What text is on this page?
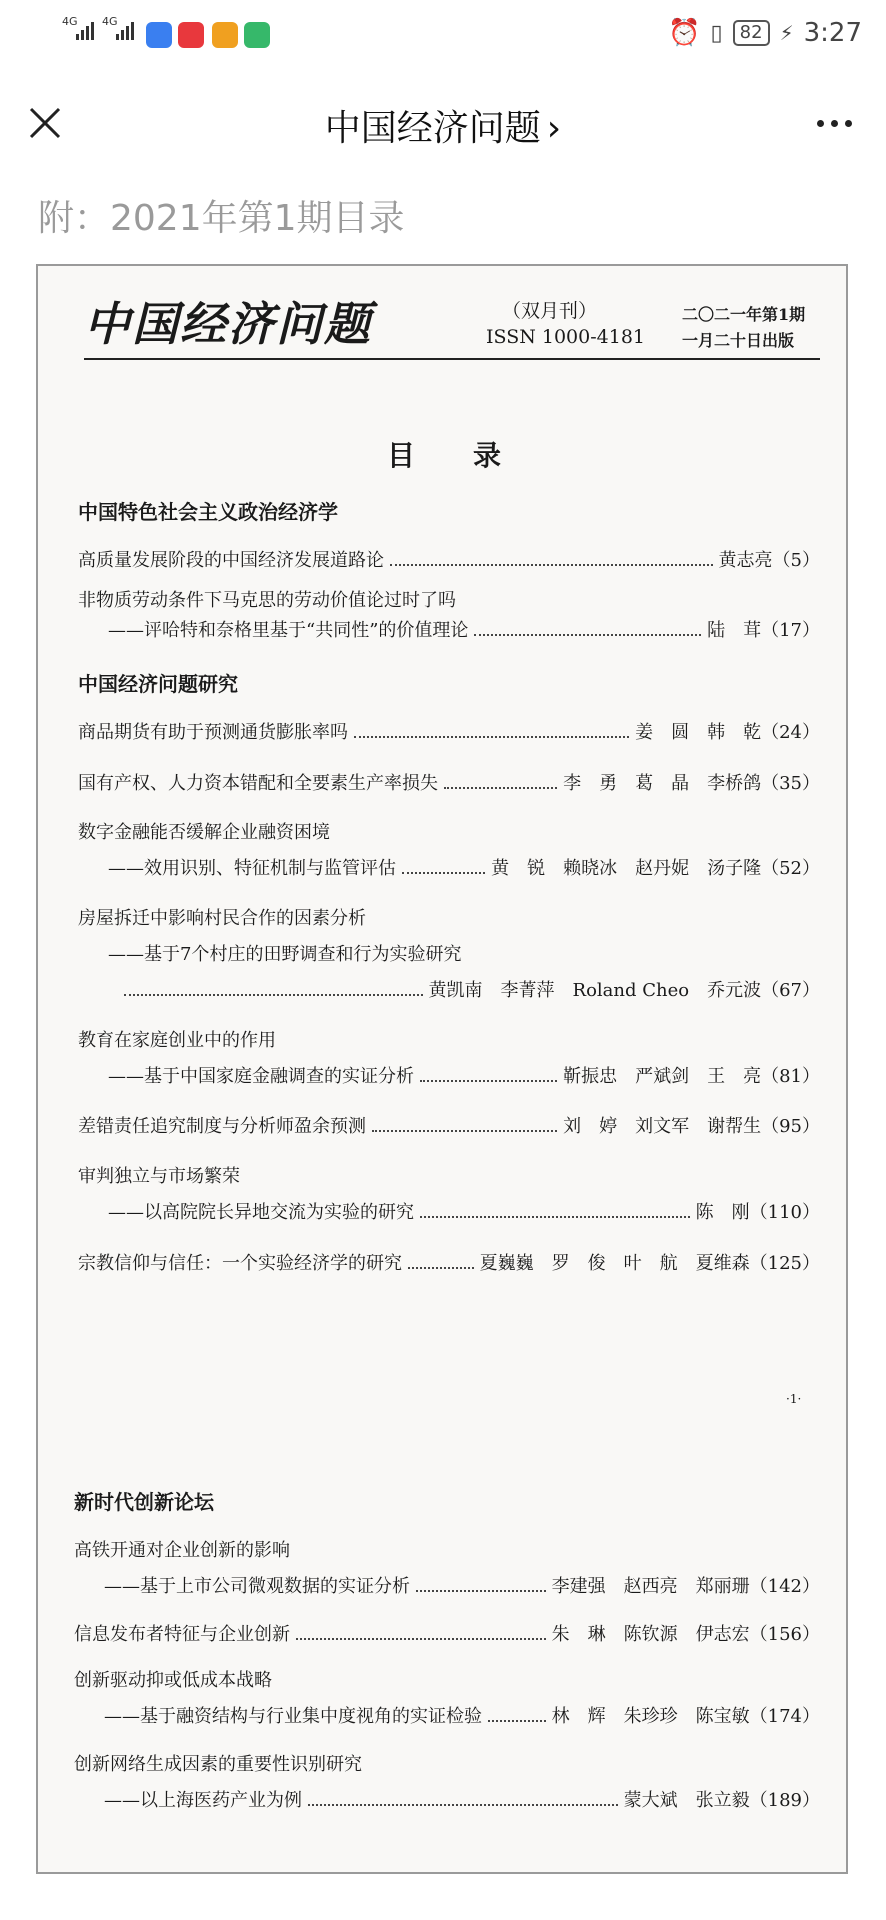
4G 4G	⏰ ▯ 82 ⚡ 3:27
中国经济问题 ›
附：2021年第1期目录
中国经济问题	（双月刊）
ISSN 1000-4181
二〇二一年第1期
一月二十日出版
目录
中国特色社会主义政治经济学
高质量发展阶段的中国经济发展道路论	黄志亮 （5）
非物质劳动条件下马克思的劳动价值论过时了吗
——评哈特和奈格里基于“共同性”的价值理论	陆　茸 （17）
中国经济问题研究
商品期货有助于预测通货膨胀率吗	姜　圆　韩　乾 （24）
国有产权、人力资本错配和全要素生产率损失	李　勇　葛　晶　李桥鸽 （35）
数字金融能否缓解企业融资困境
——效用识别、特征机制与监管评估	黄　锐　赖晓冰　赵丹妮　汤子隆 （52）
房屋拆迁中影响村民合作的因素分析
——基于7个村庄的田野调查和行为实验研究
黄凯南　李菁萍　Roland Cheo　乔元波 （67）
教育在家庭创业中的作用
——基于中国家庭金融调查的实证分析	靳振忠　严斌剑　王　亮 （81）
差错责任追究制度与分析师盈余预测	刘　婷　刘文军　谢帮生 （95）
审判独立与市场繁荣
——以高院院长异地交流为实验的研究	陈　刚 （110）
宗教信仰与信任：一个实验经济学的研究	夏巍巍　罗　俊　叶　航　夏维森 （125）
·1·
新时代创新论坛
高铁开通对企业创新的影响
——基于上市公司微观数据的实证分析	李建强　赵西亮　郑丽珊 （142）
信息发布者特征与企业创新	朱　琳　陈钦源　伊志宏 （156）
创新驱动抑或低成本战略
——基于融资结构与行业集中度视角的实证检验	林　辉　朱珍珍　陈宝敏 （174）
创新网络生成因素的重要性识别研究
——以上海医药产业为例	蒙大斌　张立毅 （189）
